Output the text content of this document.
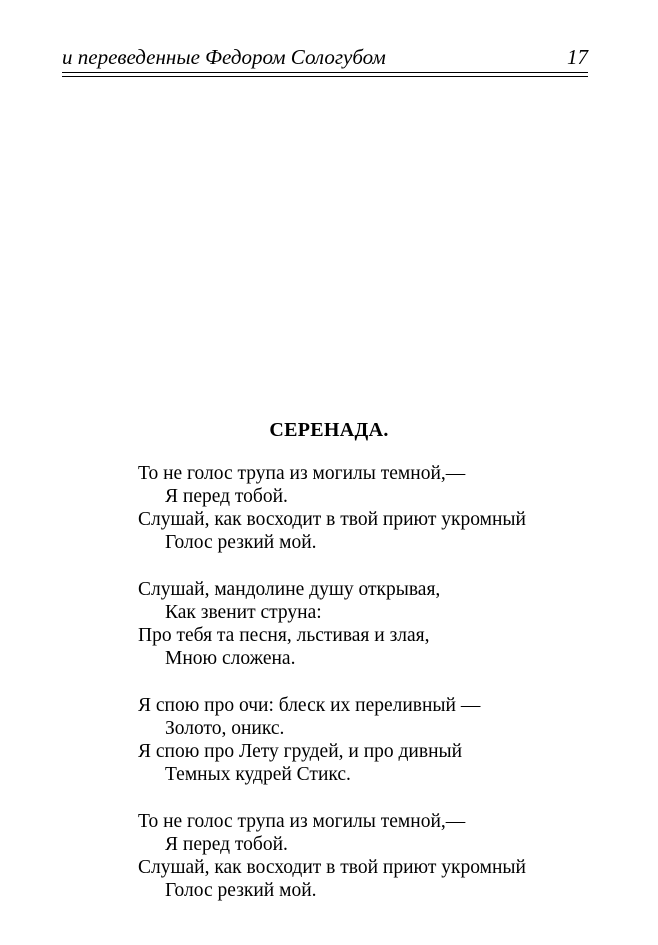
и переведенные Федором Сологубом	17
СЕРЕНАДА.
То не голос трупа из могилы темной,—
Я перед тобой.
Слушай, как восходит в твой приют укромный
Голос резкий мой.
Слушай, мандолине душу открывая,
Как звенит струна:
Про тебя та песня, льстивая и злая,
Мною сложена.
Я спою про очи: блеск их переливный —
Золото, оникс.
Я спою про Лету грудей, и про дивный
Темных кудрей Стикс.
То не голос трупа из могилы темной,—
Я перед тобой.
Слушай, как восходит в твой приют укромный
Голос резкий мой.
